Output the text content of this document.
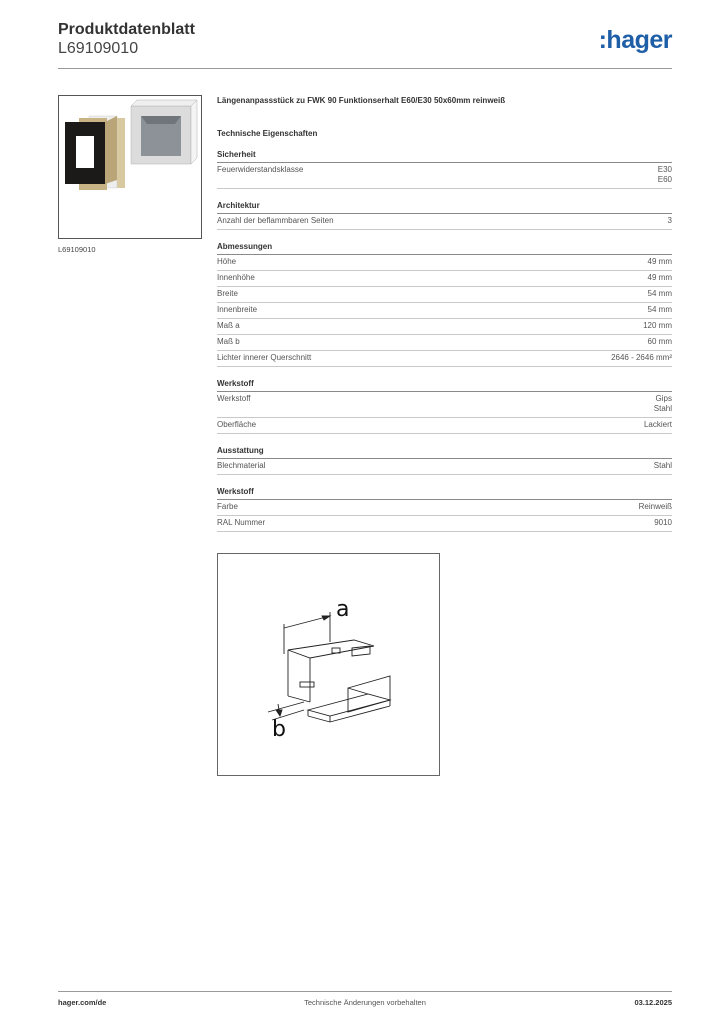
Produktdatenblatt
L69109010	:hager
L69109010
Längenanpassstück zu FWK 90 Funktionserhalt E60/E30 50x60mm reinweiß
Technische Eigenschaften
Sicherheit
Feuerwiderstandsklasse	E30
E60
Architektur
Anzahl der beflammbaren Seiten	3
Abmessungen
Höhe	49 mm
Innenhöhe	49 mm
Breite	54 mm
Innenbreite	54 mm
Maß a	120 mm
Maß b	60 mm
Lichter innerer Querschnitt	2646 - 2646 mm²
Werkstoff
Werkstoff	Gips
Stahl
Oberfläche	Lackiert
Ausstattung
Blechmaterial	Stahl
Werkstoff
Farbe	Reinweiß
RAL Nummer	9010
a
b
Technische Änderungen vorbehalten
hager.com/de	03.12.2025
